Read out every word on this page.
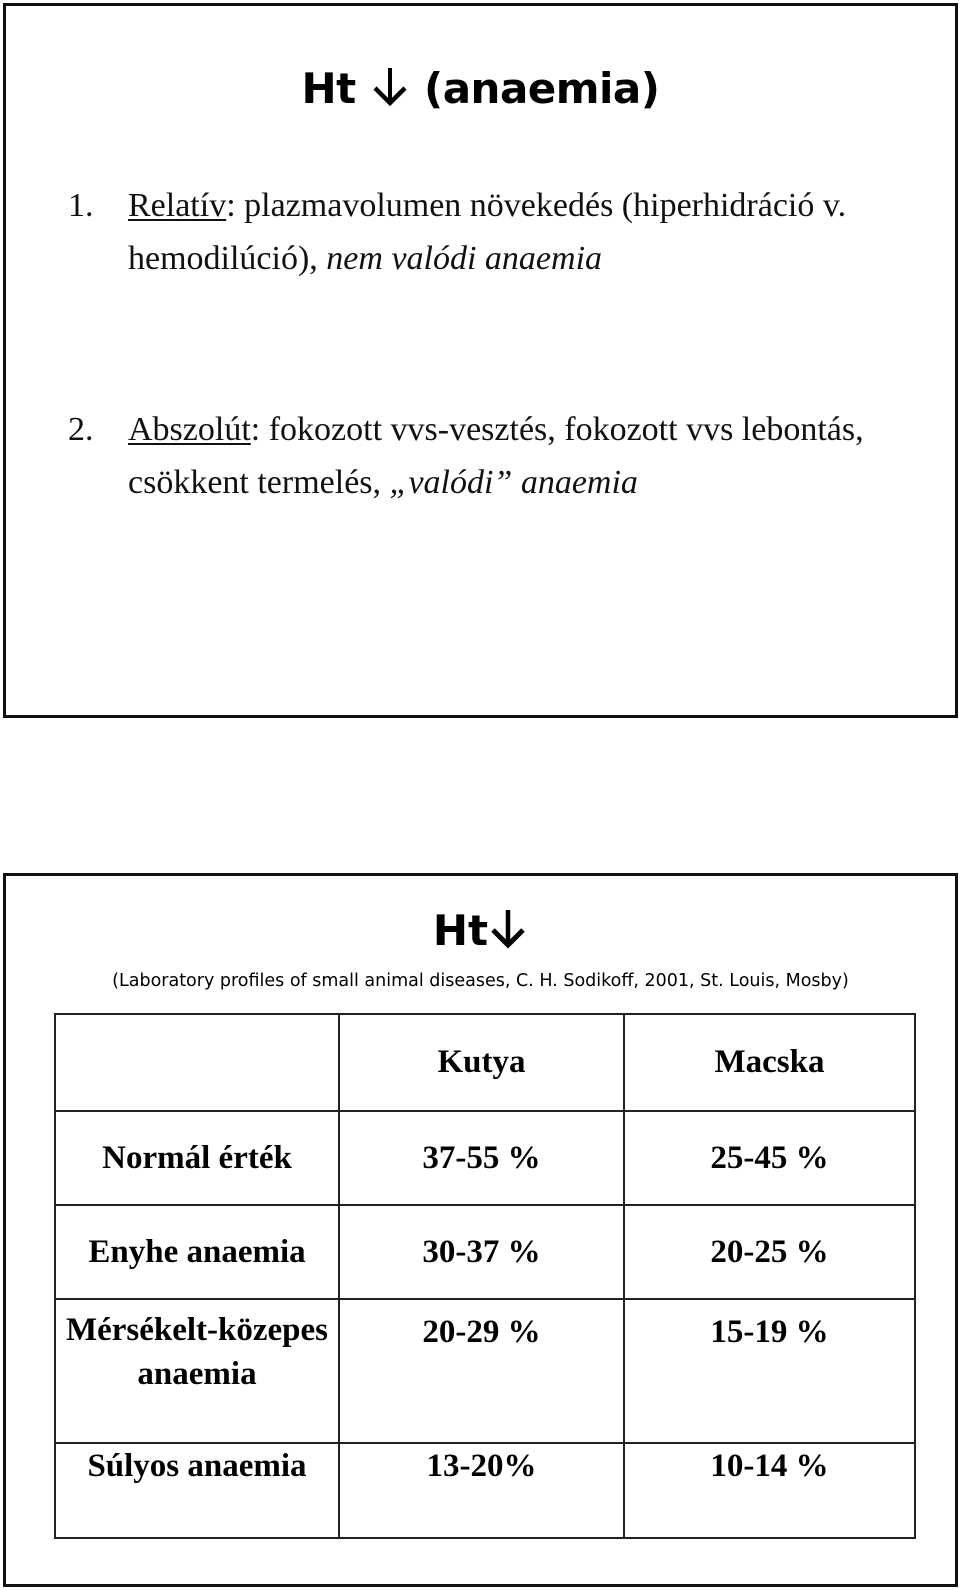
Ht (anaemia)
1.	Relatív: plazmavolumen növekedés (hiperhidráció v. hemodilúció), nem valódi anaemia
2.	Abszolút: fokozott vvs-vesztés, fokozott vvs lebontás, csökkent termelés, „valódi” anaemia
Ht
(Laboratory profiles of small animal diseases, C. H. Sodikoff, 2001, St. Louis, Mosby)
	Kutya	Macska
Normál érték	37-55 %	25-45 %
Enyhe anaemia	30-37 %	20-25 %
Mérsékelt-közepes anaemia	20-29 %	15-19 %
Súlyos anaemia	13-20%	10-14 %
